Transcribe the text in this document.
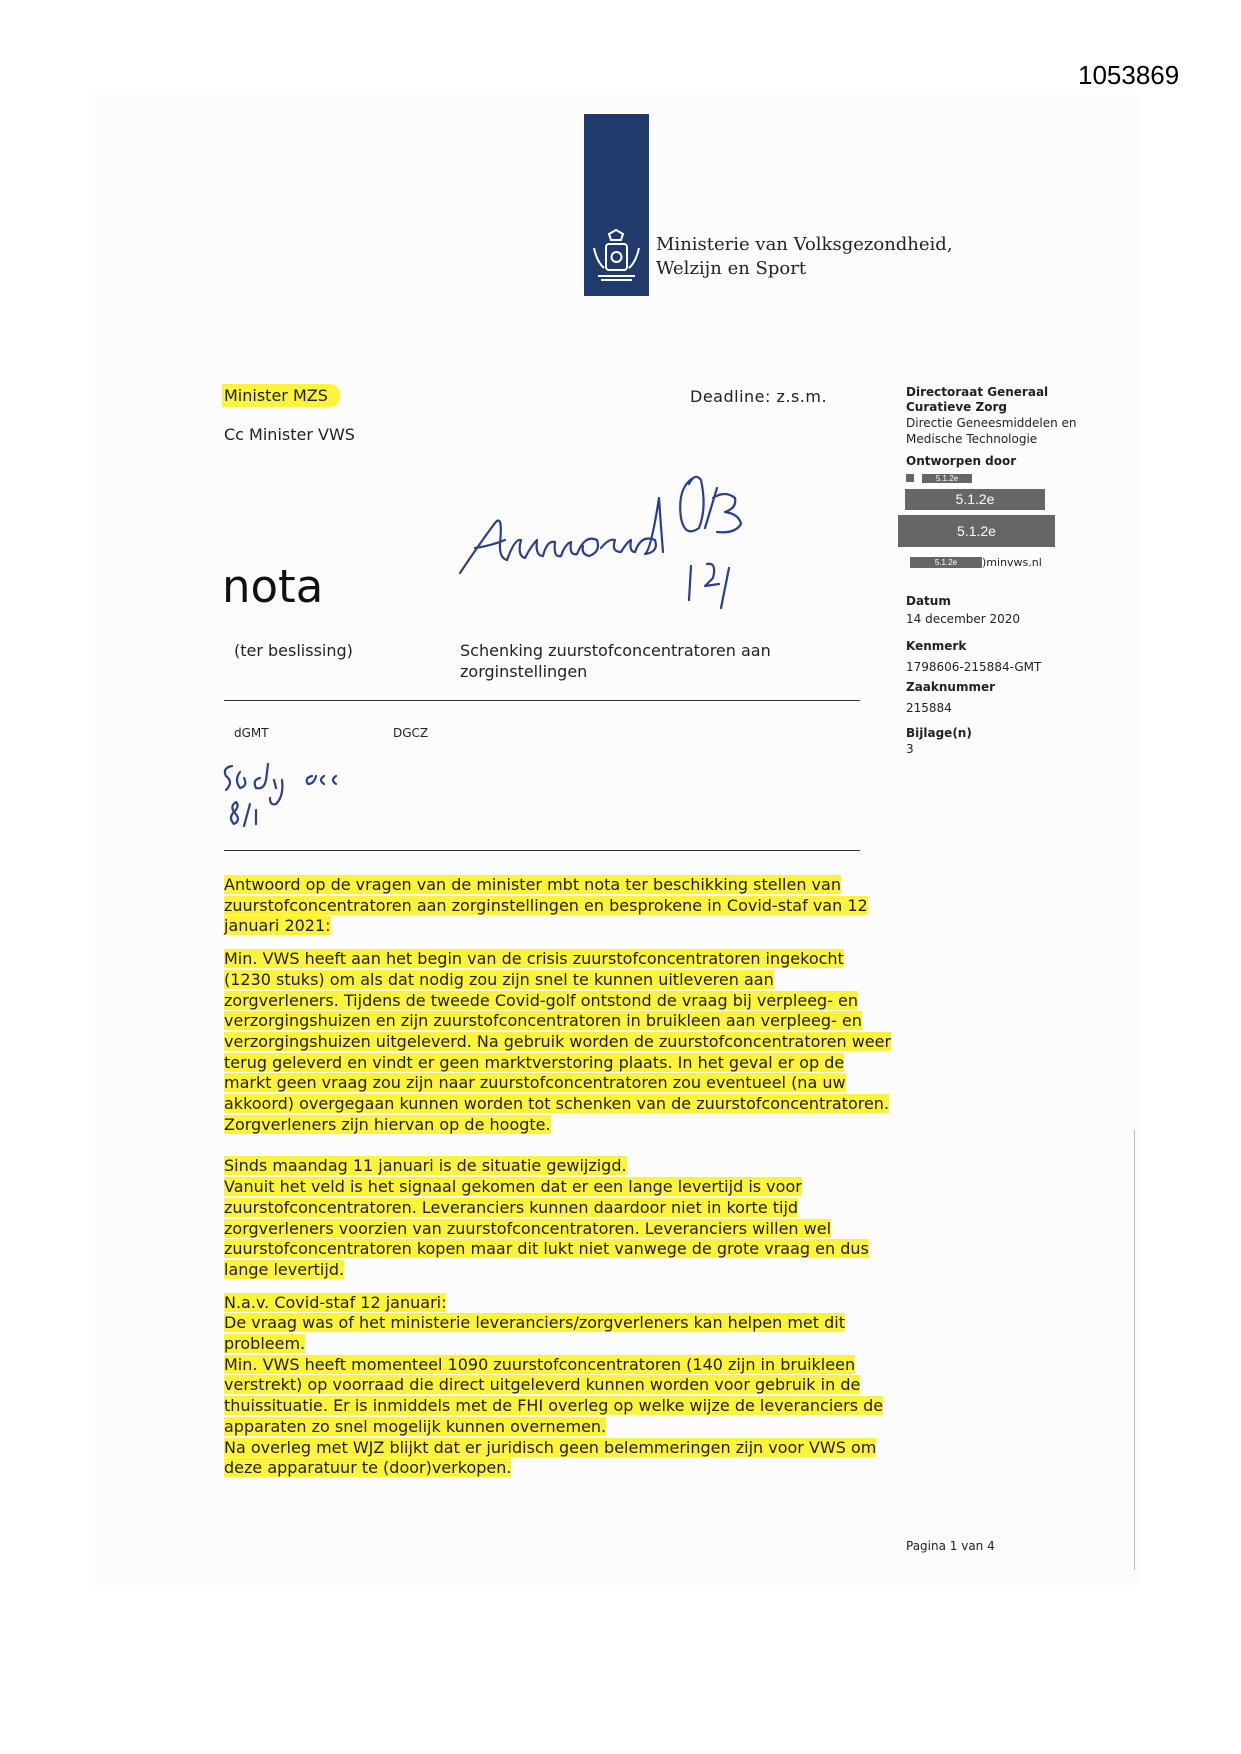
1053869
Ministerie van Volksgezondheid,
Welzijn en Sport
Minister MZS
Cc Minister VWS
Deadline: z.s.m.
nota
(ter beslissing)	Schenking zuurstofconcentratoren aan
zorginstellingen
dGMT	DGCZ
Directoraat Generaal
Curatieve Zorg
Directie Geneesmiddelen en
Medische Technologie
Ontworpen door
5.1.2e
5.1.2e
5.1.2e
5.1.2e )minvws.nl
Datum
14 december 2020
Kenmerk
1798606-215884-GMT
Zaaknummer
215884
Bijlage(n)
3

Antwoord op de vragen van de minister mbt nota ter beschikking stellen van
zuurstofconcentratoren aan zorginstellingen en besprokene in Covid-staf van 12
januari 2021:

Min. VWS heeft aan het begin van de crisis zuurstofconcentratoren ingekocht
(1230 stuks) om als dat nodig zou zijn snel te kunnen uitleveren aan
zorgverleners. Tijdens de tweede Covid-golf ontstond de vraag bij verpleeg- en
verzorgingshuizen en zijn zuurstofconcentratoren in bruikleen aan verpleeg- en
verzorgingshuizen uitgeleverd. Na gebruik worden de zuurstofconcentratoren weer
terug geleverd en vindt er geen marktverstoring plaats. In het geval er op de
markt geen vraag zou zijn naar zuurstofconcentratoren zou eventueel (na uw
akkoord) overgegaan kunnen worden tot schenken van de zuurstofconcentratoren.
Zorgverleners zijn hiervan op de hoogte.

Sinds maandag 11 januari is de situatie gewijzigd.
Vanuit het veld is het signaal gekomen dat er een lange levertijd is voor
zuurstofconcentratoren. Leveranciers kunnen daardoor niet in korte tijd
zorgverleners voorzien van zuurstofconcentratoren. Leveranciers willen wel
zuurstofconcentratoren kopen maar dit lukt niet vanwege de grote vraag en dus
lange levertijd.

N.a.v. Covid-staf 12 januari:
De vraag was of het ministerie leveranciers/zorgverleners kan helpen met dit
probleem.
Min. VWS heeft momenteel 1090 zuurstofconcentratoren (140 zijn in bruikleen
verstrekt) op voorraad die direct uitgeleverd kunnen worden voor gebruik in de
thuissituatie. Er is inmiddels met de FHI overleg op welke wijze de leveranciers de
apparaten zo snel mogelijk kunnen overnemen.
Na overleg met WJZ blijkt dat er juridisch geen belemmeringen zijn voor VWS om
deze apparatuur te (door)verkopen.

Pagina 1 van 4
